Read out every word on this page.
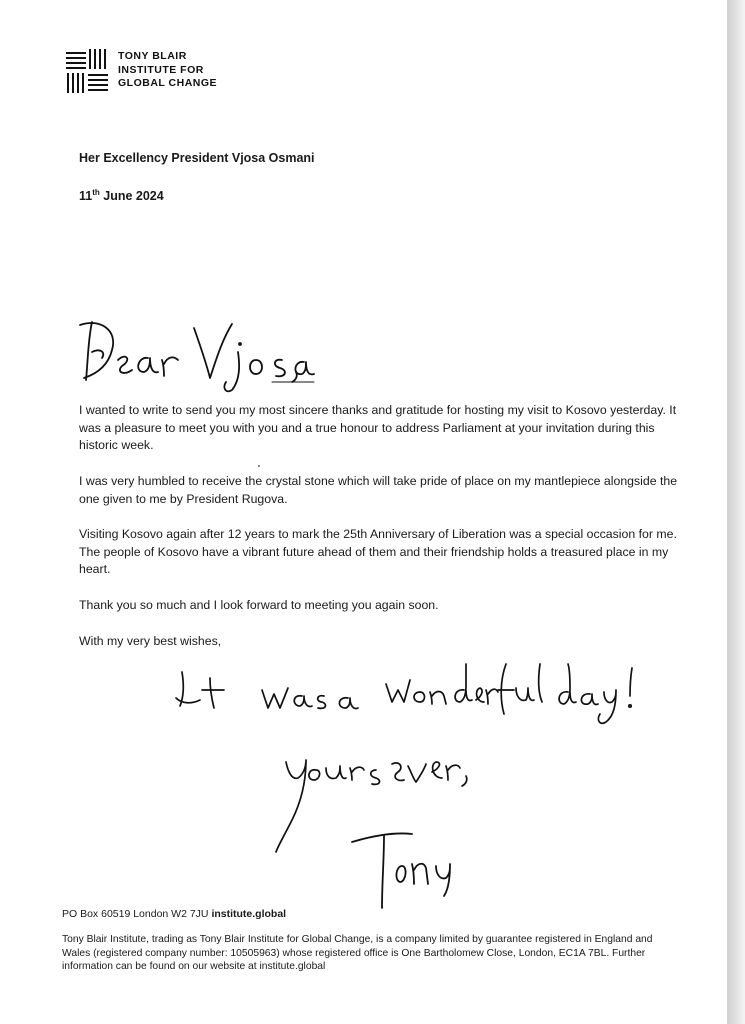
TONY BLAIR
INSTITUTE FOR
GLOBAL CHANGE
Her Excellency President Vjosa Osmani
11th June 2024
I wanted to write to send you my most sincere thanks and gratitude for hosting my visit to Kosovo yesterday. It was a pleasure to meet you with you and a true honour to address Parliament at your invitation during this historic week.
I was very humbled to receive the crystal stone which will take pride of place on my mantlepiece alongside the one given to me by President Rugova.
Visiting Kosovo again after 12 years to mark the 25th Anniversary of Liberation was a special occasion for me. The people of Kosovo have a vibrant future ahead of them and their friendship holds a treasured place in my heart.
Thank you so much and I look forward to meeting you again soon.
With my very best wishes,
PO Box 60519 London W2 7JU institute.global
Tony Blair Institute, trading as Tony Blair Institute for Global Change, is a company limited by guarantee registered in England and Wales (registered company number: 10505963) whose registered office is One Bartholomew Close, London, EC1A 7BL. Further information can be found on our website at institute.global
